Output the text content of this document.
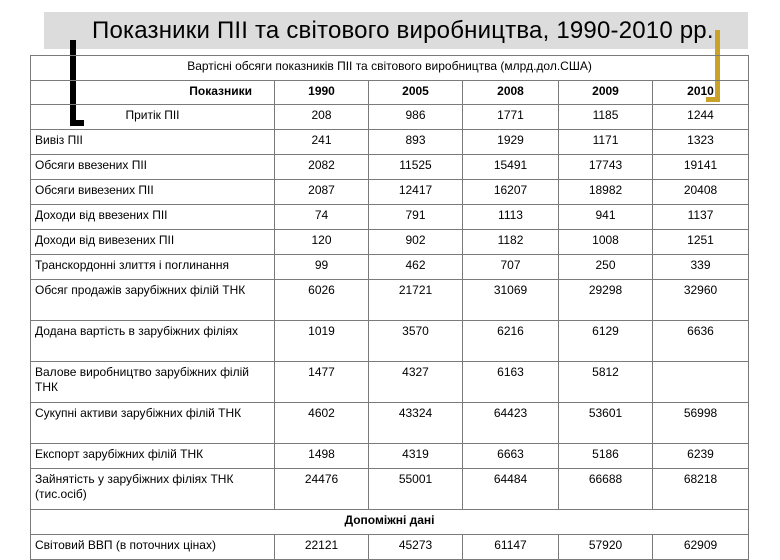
Показники ПІІ та світового виробництва, 1990-2010 рр.
Вартісні обсяги показників ПІІ та світового виробництва (млрд.дол.США)					
Показники	1990	2005	2008	2009	2010
Притік ПІІ	208	986	1771	1185	1244
Вивіз ПІІ	241	893	1929	1171	1323
Обсяги ввезених ПІІ	2082	11525	15491	17743	19141
Обсяги вивезених ПІІ	2087	12417	16207	18982	20408
Доходи від ввезених ПІІ	74	791	1113	941	1137
Доходи від вивезених ПІІ	120	902	1182	1008	1251
Транскордонні злиття і поглинання	99	462	707	250	339
Обсяг продажів зарубіжних філій ТНК	6026	21721	31069	29298	32960
Додана вартість в зарубіжних філіях	1019	3570	6216	6129	6636
Валове виробництво зарубіжних філій ТНК	1477	4327	6163	5812	
Сукупні активи зарубіжних філій ТНК	4602	43324	64423	53601	56998
Експорт зарубіжних філій ТНК	1498	4319	6663	5186	6239
Зайнятість у зарубіжних філіях ТНК (тис.осіб)	24476	55001	64484	66688	68218
Допоміжні дані					
Світовий ВВП (в поточних цінах)	22121	45273	61147	57920	62909
